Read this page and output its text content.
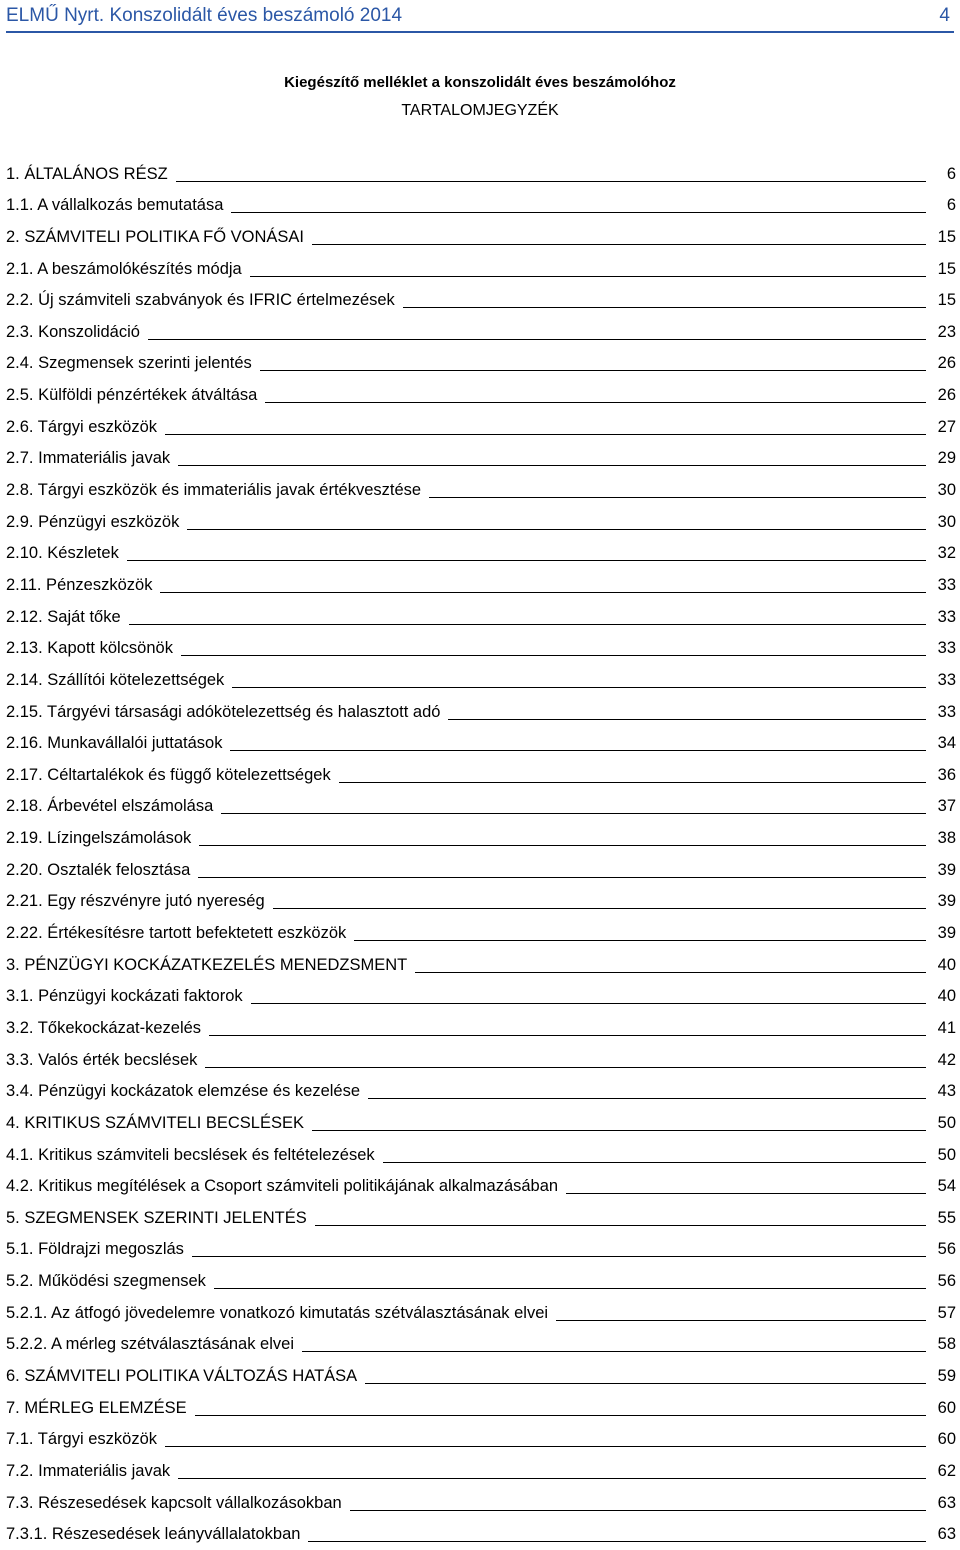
ELMŰ Nyrt. Konszolidált éves beszámoló 2014	4
Kiegészítő melléklet a konszolidált éves beszámolóhoz
TARTALOMJEGYZÉK
1. ÁLTALÁNOS RÉSZ	6
1.1. A vállalkozás bemutatása	6
2. SZÁMVITELI POLITIKA FŐ VONÁSAI	15
2.1. A beszámolókészítés módja	15
2.2. Új számviteli szabványok és IFRIC értelmezések	15
2.3. Konszolidáció	23
2.4. Szegmensek szerinti jelentés	26
2.5. Külföldi pénzértékek átváltása	26
2.6. Tárgyi eszközök	27
2.7. Immateriális javak	29
2.8. Tárgyi eszközök és immateriális javak értékvesztése	30
2.9. Pénzügyi eszközök	30
2.10. Készletek	32
2.11. Pénzeszközök	33
2.12. Saját tőke	33
2.13. Kapott kölcsönök	33
2.14. Szállítói kötelezettségek	33
2.15. Tárgyévi társasági adókötelezettség és halasztott adó	33
2.16. Munkavállalói juttatások	34
2.17. Céltartalékok és függő kötelezettségek	36
2.18. Árbevétel elszámolása	37
2.19. Lízingelszámolások	38
2.20. Osztalék felosztása	39
2.21. Egy részvényre jutó nyereség	39
2.22. Értékesítésre tartott befektetett eszközök	39
3. PÉNZÜGYI KOCKÁZATKEZELÉS MENEDZSMENT	40
3.1. Pénzügyi kockázati faktorok	40
3.2. Tőkekockázat-kezelés	41
3.3. Valós érték becslések	42
3.4. Pénzügyi kockázatok elemzése és kezelése	43
4. KRITIKUS SZÁMVITELI BECSLÉSEK	50
4.1. Kritikus számviteli becslések és feltételezések	50
4.2. Kritikus megítélések a Csoport számviteli politikájának alkalmazásában	54
5. SZEGMENSEK SZERINTI JELENTÉS	55
5.1. Földrajzi megoszlás	56
5.2. Működési szegmensek	56
5.2.1. Az átfogó jövedelemre vonatkozó kimutatás szétválasztásának elvei	57
5.2.2. A mérleg szétválasztásának elvei	58
6. SZÁMVITELI POLITIKA VÁLTOZÁS HATÁSA	59
7. MÉRLEG ELEMZÉSE	60
7.1. Tárgyi eszközök	60
7.2. Immateriális javak	62
7.3. Részesedések kapcsolt vállalkozásokban	63
7.3.1. Részesedések leányvállalatokban	63
